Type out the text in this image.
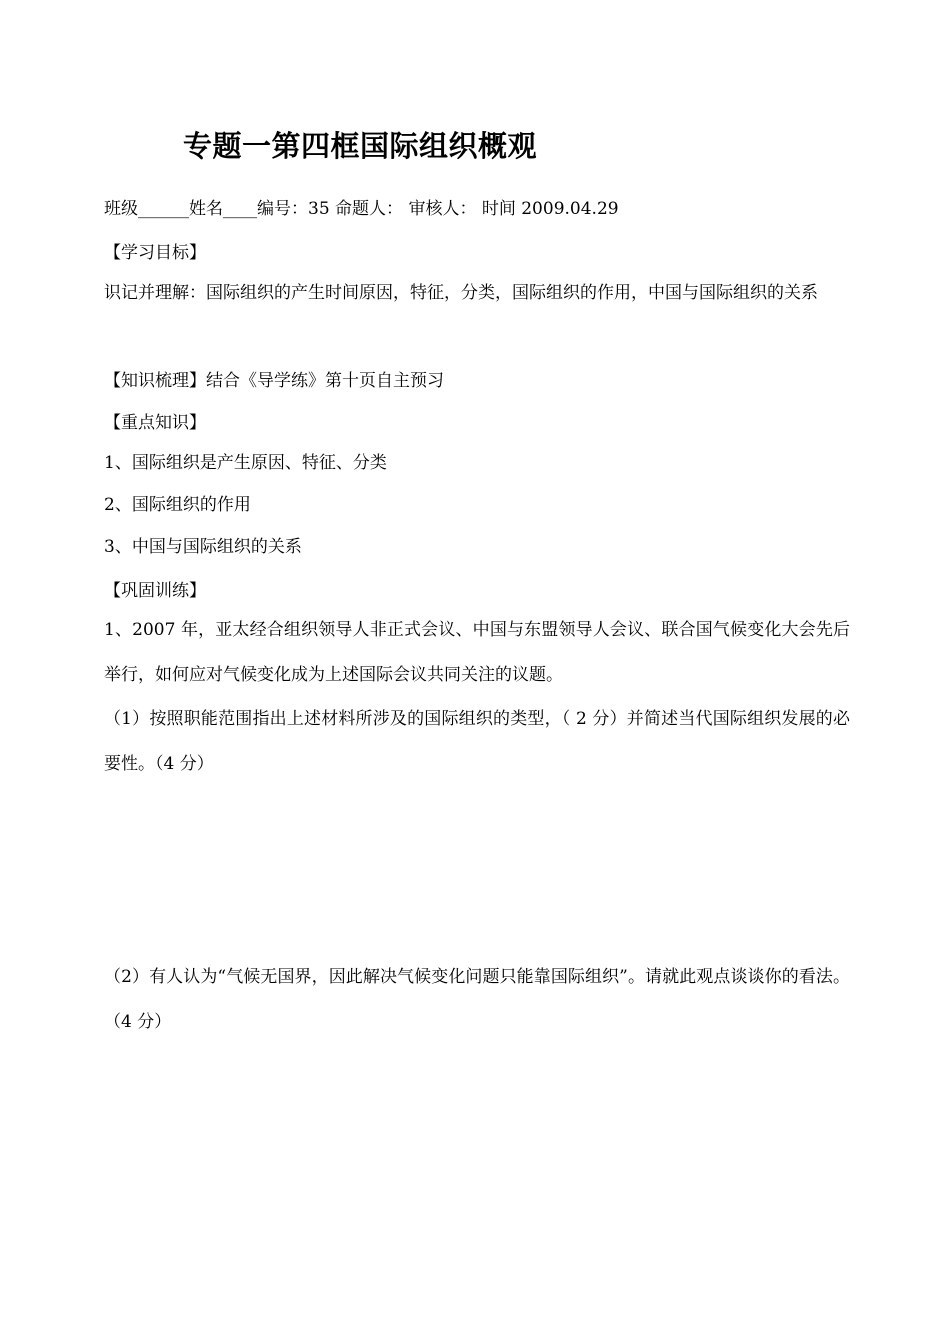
专题一第四框国际组织概观

班级______姓名____编号：35 命题人： 审核人： 时间 2009.04.29

【学习目标】

识记并理解：国际组织的产生时间原因，特征，分类，国际组织的作用，中国与国际组织的关系

【知识梳理】结合《导学练》第十页自主预习

【重点知识】

1、国际组织是产生原因、特征、分类

2、国际组织的作用

3、中国与国际组织的关系

【巩固训练】

1、2007 年，亚太经合组织领导人非正式会议、中国与东盟领导人会议、联合国气候变化大会先后举行，如何应对气候变化成为上述国际会议共同关注的议题。

（1）按照职能范围指出上述材料所涉及的国际组织的类型，（ 2 分）并简述当代国际组织发展的必要性。（4 分）

（2）有人认为“气候无国界，因此解决气候变化问题只能靠国际组织”。请就此观点谈谈你的看法。（4 分）
